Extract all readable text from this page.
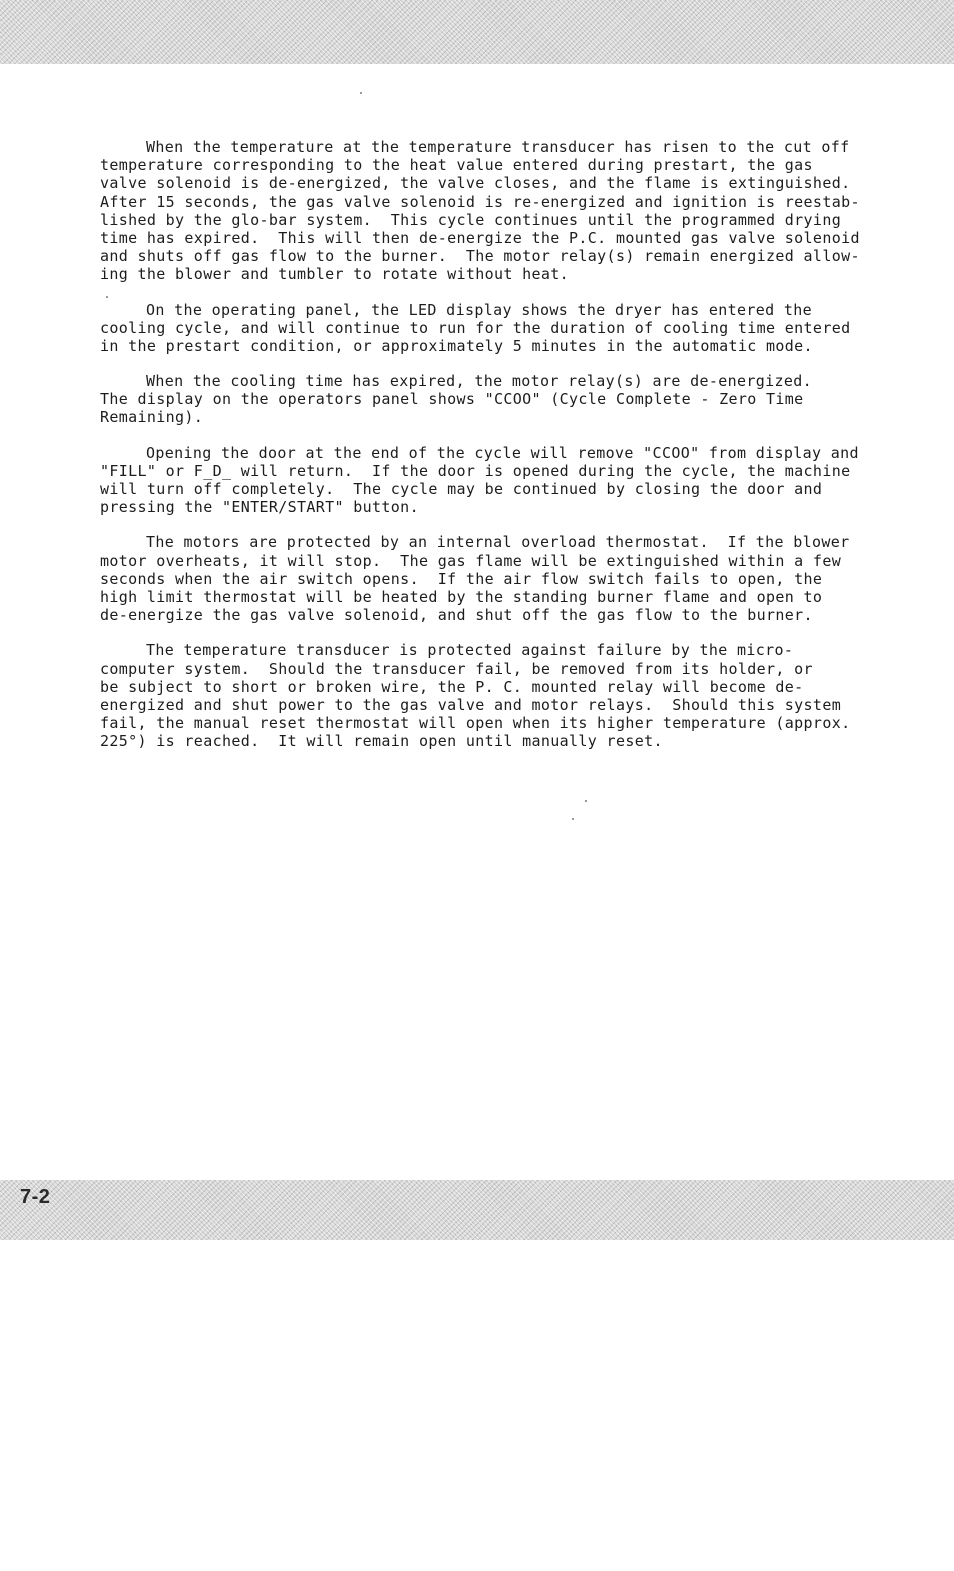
When the temperature at the temperature transducer has risen to the cut off
temperature corresponding to the heat value entered during prestart, the gas
valve solenoid is de-energized, the valve closes, and the flame is extinguished.
After 15 seconds, the gas valve solenoid is re-energized and ignition is reestab-
lished by the glo-bar system.  This cycle continues until the programmed drying
time has expired.  This will then de-energize the P.C. mounted gas valve solenoid
and shuts off gas flow to the burner.  The motor relay(s) remain energized allow-
ing the blower and tumbler to rotate without heat.
On the operating panel, the LED display shows the dryer has entered the
cooling cycle, and will continue to run for the duration of cooling time entered
in the prestart condition, or approximately 5 minutes in the automatic mode.
When the cooling time has expired, the motor relay(s) are de-energized.
The display on the operators panel shows "CCOO" (Cycle Complete - Zero Time
Remaining).
Opening the door at the end of the cycle will remove "CCOO" from display and
"FILL" or F_D_ will return.  If the door is opened during the cycle, the machine
will turn off completely.  The cycle may be continued by closing the door and
pressing the "ENTER/START" button.
The motors are protected by an internal overload thermostat.  If the blower
motor overheats, it will stop.  The gas flame will be extinguished within a few
seconds when the air switch opens.  If the air flow switch fails to open, the
high limit thermostat will be heated by the standing burner flame and open to
de-energize the gas valve solenoid, and shut off the gas flow to the burner.
The temperature transducer is protected against failure by the micro-
computer system.  Should the transducer fail, be removed from its holder, or
be subject to short or broken wire, the P. C. mounted relay will become de-
energized and shut power to the gas valve and motor relays.  Should this system
fail, the manual reset thermostat will open when its higher temperature (approx.
225°) is reached.  It will remain open until manually reset.
7-2
